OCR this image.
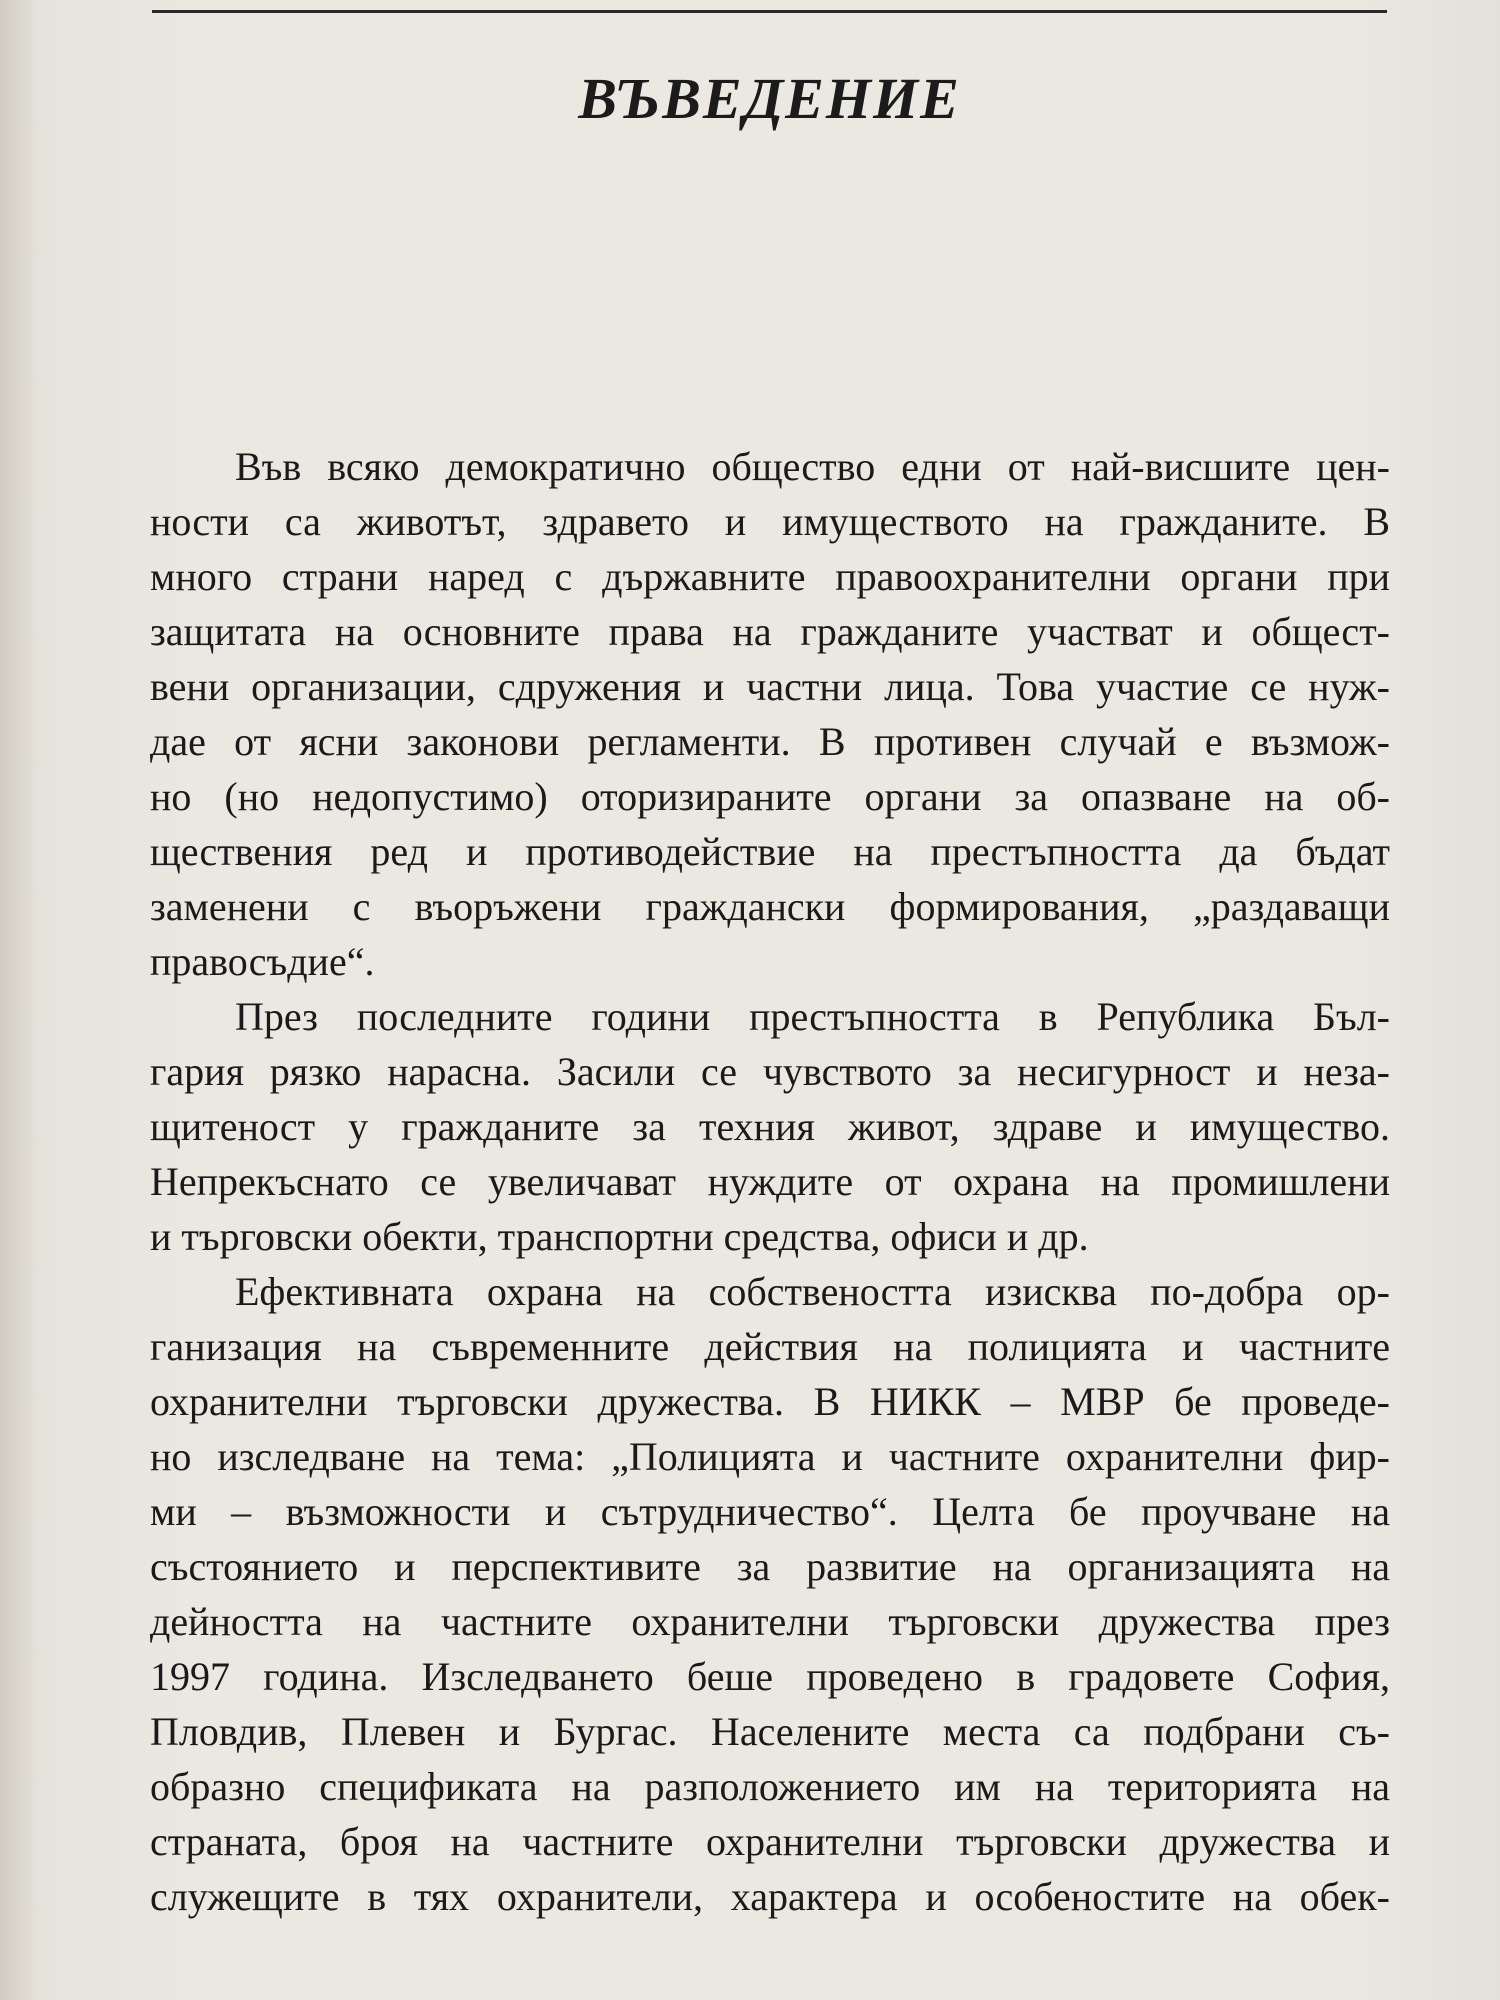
ВЪВЕДЕНИЕ
Във всяко демократично общество едни от най-висшите цен-
ности са животът, здравето и имуществото на гражданите. В
много страни наред с държавните правоохранителни органи при
защитата на основните права на гражданите участват и общест-
вени организации, сдружения и частни лица. Това участие се нуж-
дае от ясни законови регламенти. В противен случай е възмож-
но (но недопустимо) оторизираните органи за опазване на об-
ществения ред и противодействие на престъпността да бъдат
заменени с въоръжени граждански формирования, „раздаващи
правосъдие“.
През последните години престъпността в Република Бъл-
гария рязко нарасна. Засили се чувството за несигурност и неза-
щитеност у гражданите за техния живот, здраве и имущество.
Непрекъснато се увеличават нуждите от охрана на промишлени
и търговски обекти, транспортни средства, офиси и др.
Ефективната охрана на собствеността изисква по-добра ор-
ганизация на съвременните действия на полицията и частните
охранителни търговски дружества. В НИКК – МВР бе проведе-
но изследване на тема: „Полицията и частните охранителни фир-
ми – възможности и сътрудничество“. Целта бе проучване на
състоянието и перспективите за развитие на организацията на
дейността на частните охранителни търговски дружества през
1997 година. Изследването беше проведено в градовете София,
Пловдив, Плевен и Бургас. Населените места са подбрани съ-
образно спецификата на разположението им на територията на
страната, броя на частните охранителни търговски дружества и
служещите в тях охранители, характера и особеностите на обек-
